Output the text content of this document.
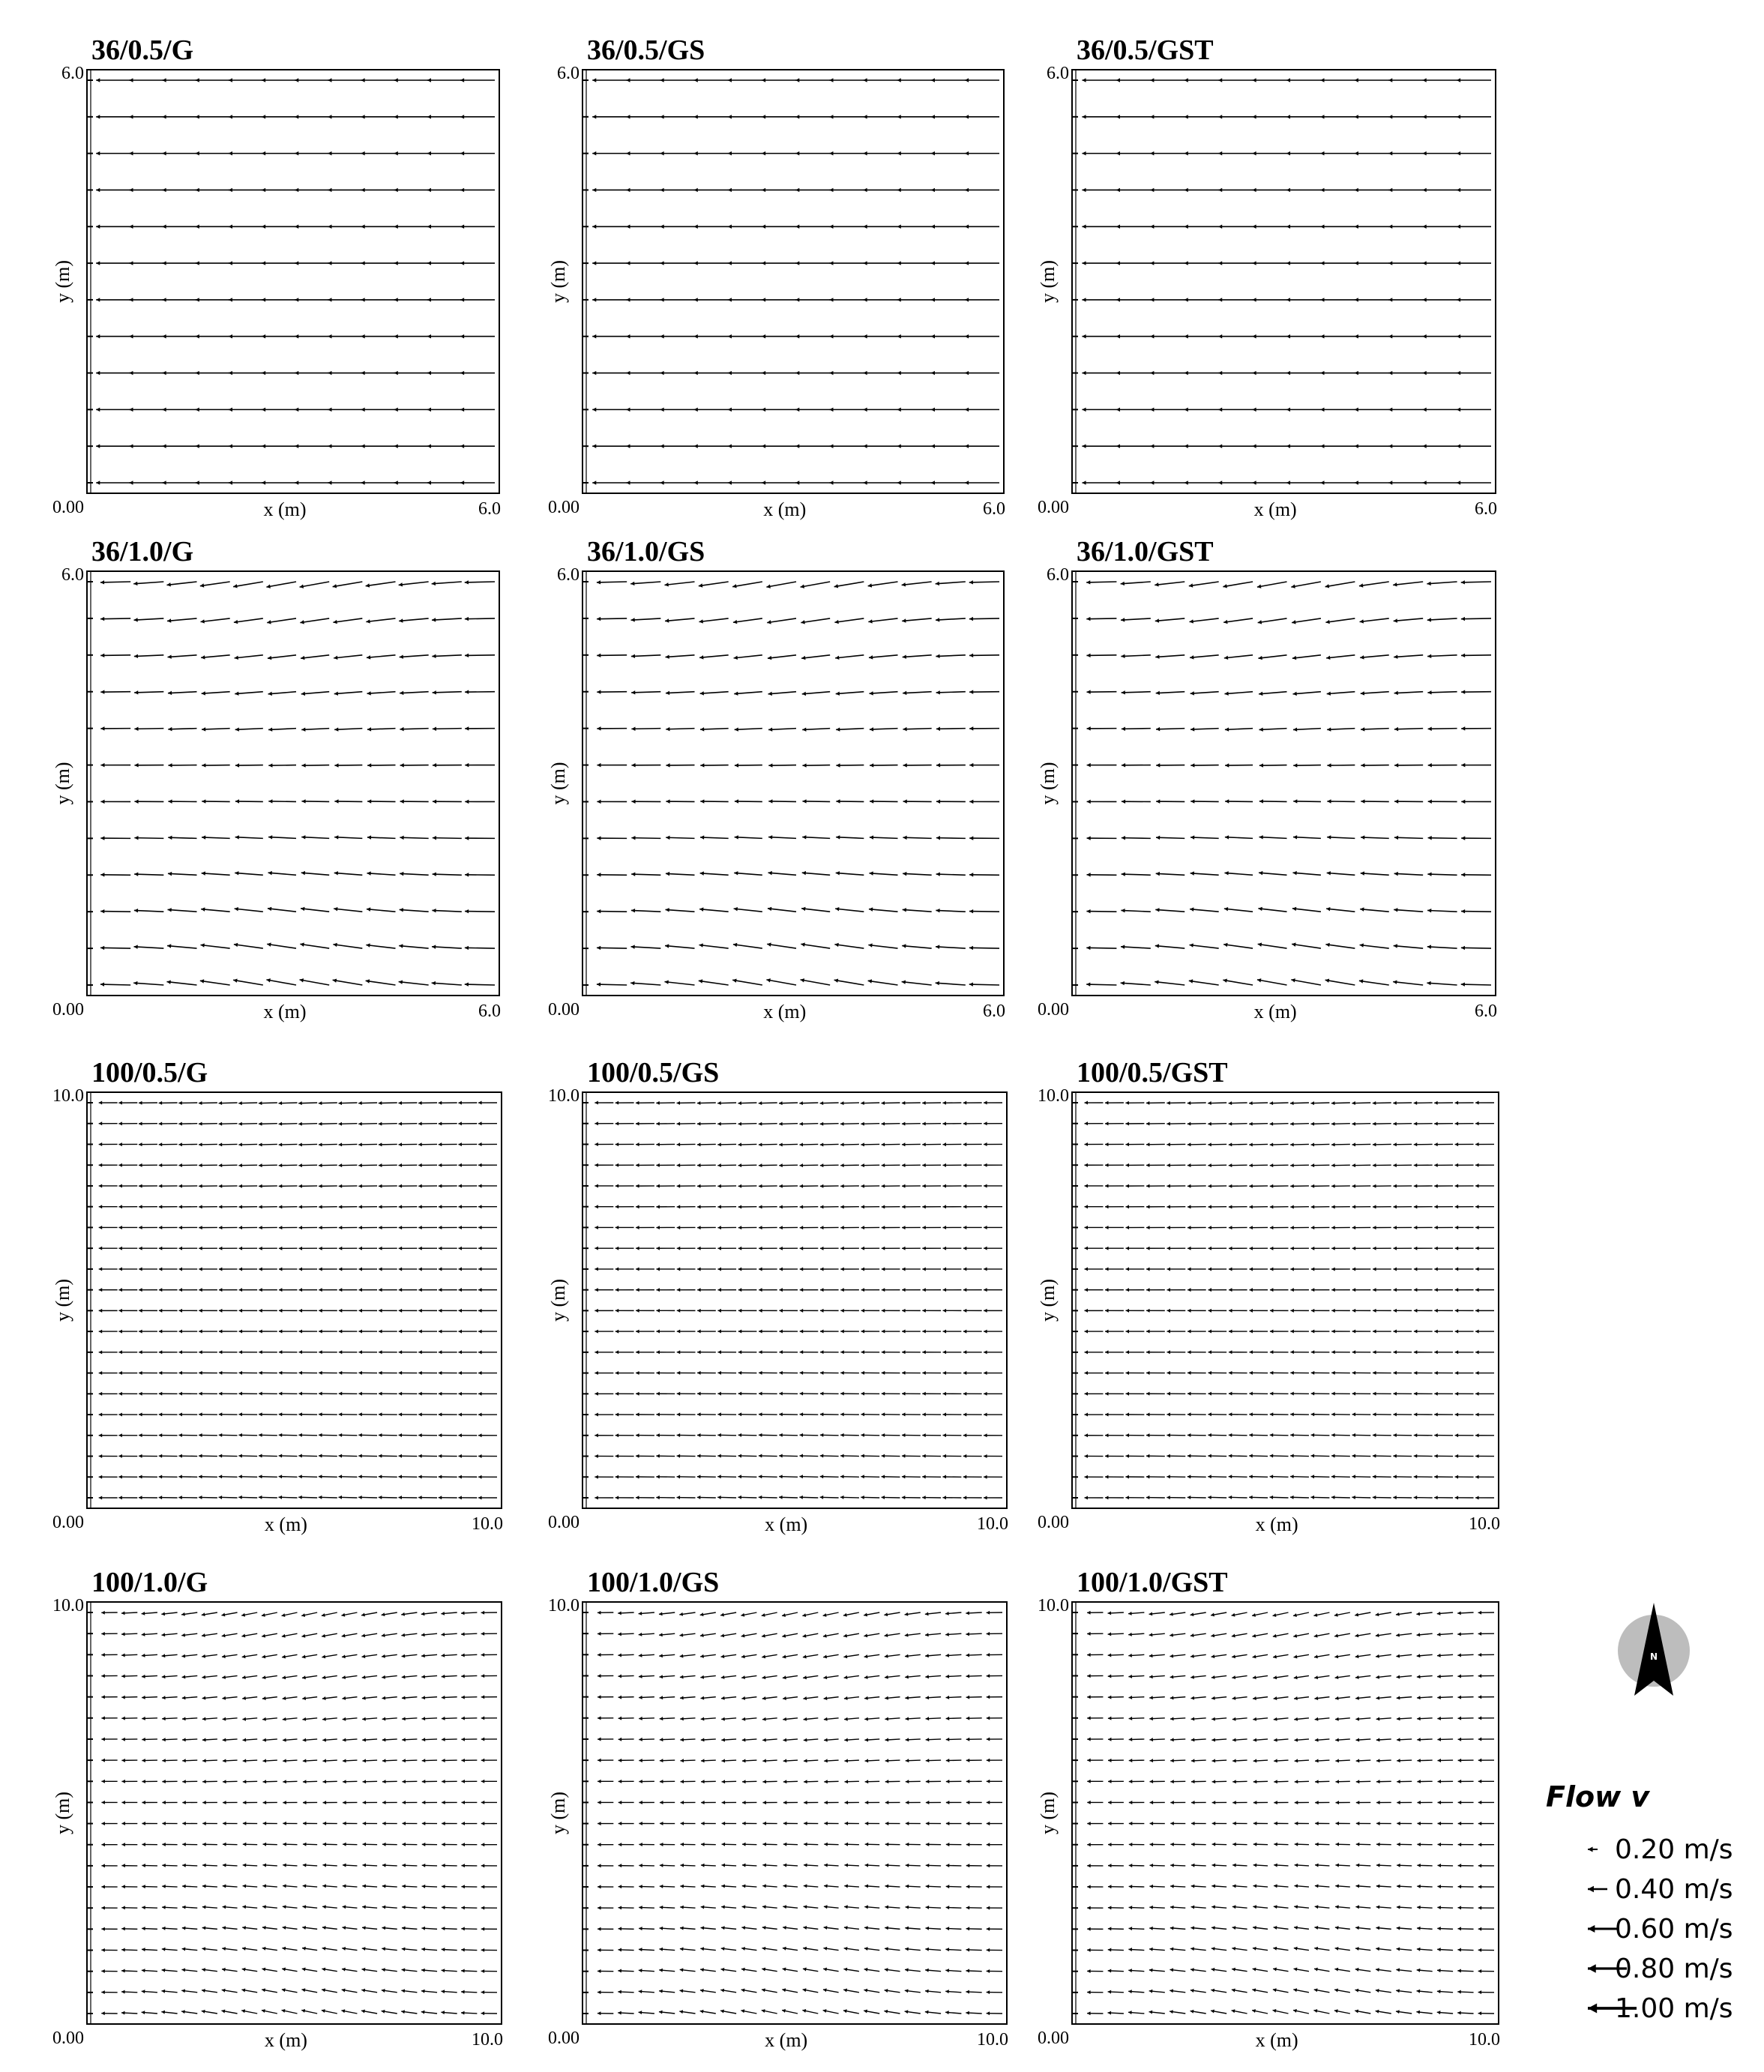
36/0.5/G
6.0
0.00	6.0
x (m)
y (m)
36/0.5/GS
6.0
0.00	6.0
x (m)
y (m)
36/0.5/GST
6.0
0.00	6.0
x (m)
y (m)
36/1.0/G
6.0
0.00	6.0
x (m)
y (m)
36/1.0/GS
6.0
0.00	6.0
x (m)
y (m)
36/1.0/GST
6.0
0.00	6.0
x (m)
y (m)
100/0.5/G
10.0
0.00	10.0
x (m)
y (m)
100/0.5/GS
10.0
0.00	10.0
x (m)
y (m)
100/0.5/GST
10.0
0.00	10.0
x (m)
y (m)
100/1.0/G
10.0
0.00	10.0
x (m)
y (m)
100/1.0/GS
10.0
0.00	10.0
x (m)
y (m)
100/1.0/GST
10.0
0.00	10.0
x (m)
y (m)	Flow v
0.20 m/s
0.40 m/s
0.60 m/s
0.80 m/s
1.00 m/s
N
